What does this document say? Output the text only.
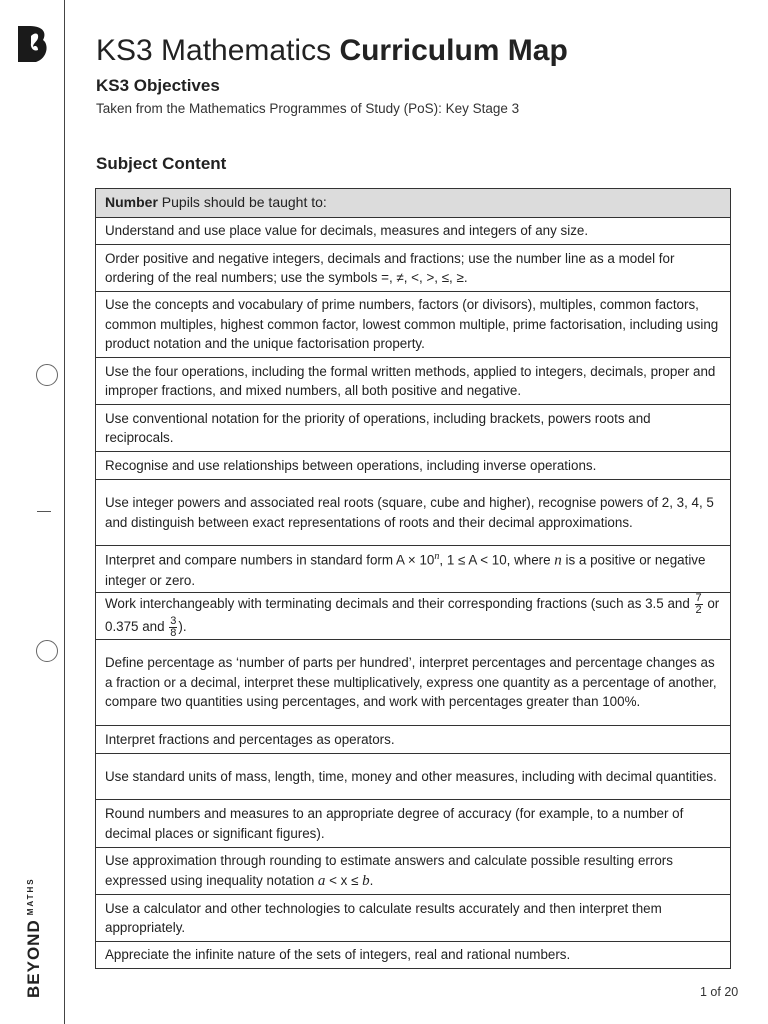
BEYOND
MATHS
KS3 Mathematics Curriculum Map
KS3 Objectives

Taken from the Mathematics Programmes of Study (PoS): Key Stage 3

Subject Content
Number Pupils should be taught to:
Understand and use place value for decimals, measures and integers of any size.
Order positive and negative integers, decimals and fractions; use the number line as a model for ordering of the real numbers; use the symbols =, ≠, <, >, ≤, ≥.
Use the concepts and vocabulary of prime numbers, factors (or divisors), multiples, common factors, common multiples, highest common factor, lowest common multiple, prime factorisation, including using product notation and the unique factorisation property.
Use the four operations, including the formal written methods, applied to integers, decimals, proper and improper fractions, and mixed numbers, all both positive and negative.
Use conventional notation for the priority of operations, including brackets, powers roots and reciprocals.
Recognise and use relationships between operations, including inverse operations.
Use integer powers and associated real roots (square, cube and higher), recognise powers of 2, 3, 4, 5 and distinguish between exact representations of roots and their decimal approximations.
Interpret and compare numbers in standard form $A \times 10^n$, 1 ≤ A < 10, where n is a positive or negative integer or zero.
Work interchangeably with terminating decimals and their corresponding fractions (such as 3.5 and $\frac{7}{2}$ or 0.375 and $\frac{3}{8}$ ).
Define percentage as ‘number of parts per hundred’, interpret percentages and percentage changes as a fraction or a decimal, interpret these multiplicatively, express one quantity as a percentage of another, compare two quantities using percentages, and work with percentages greater than 100%.
Interpret fractions and percentages as operators.
Use standard units of mass, length, time, money and other measures, including with decimal quantities.
Round numbers and measures to an appropriate degree of accuracy (for example, to a number of decimal places or significant figures).
Use approximation through rounding to estimate answers and calculate possible resulting errors expressed using inequality notation a < x ≤ b.
Use a calculator and other technologies to calculate results accurately and then interpret them appropriately.
Appreciate the infinite nature of the sets of integers, real and rational numbers.
1 of 20
